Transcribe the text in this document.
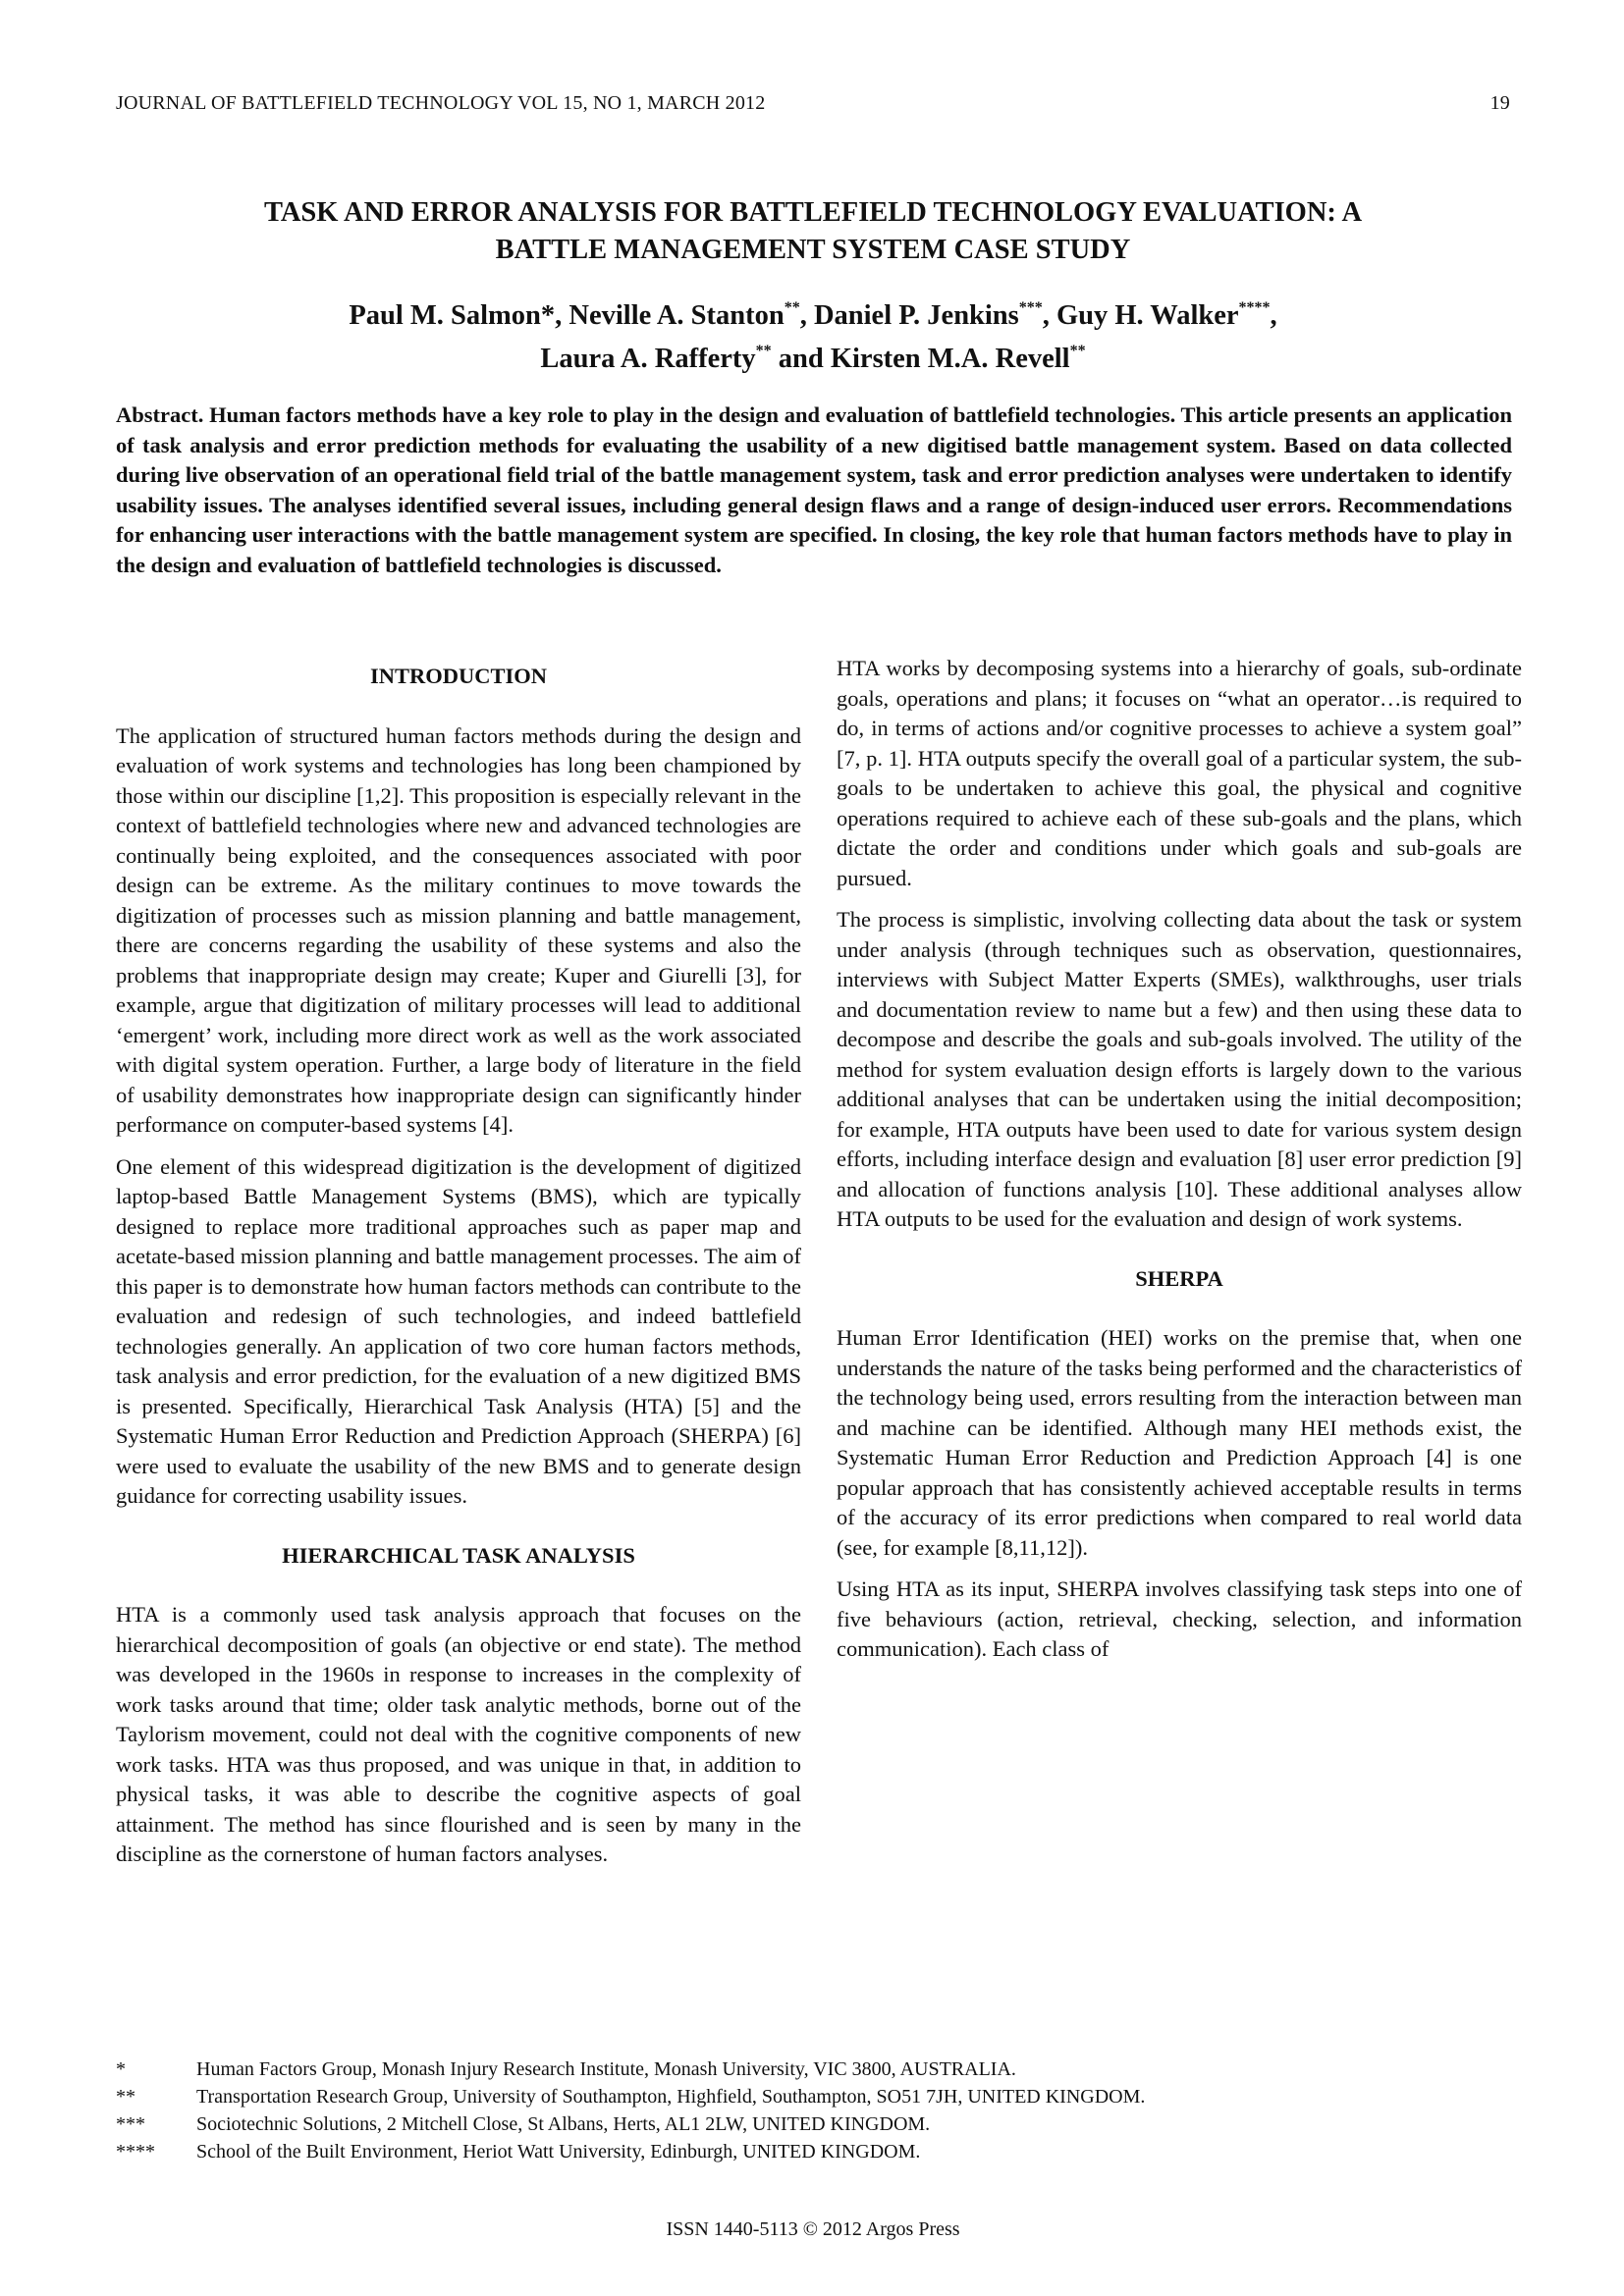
JOURNAL OF BATTLEFIELD TECHNOLOGY VOL 15, NO 1, MARCH 2012	19
TASK AND ERROR ANALYSIS FOR BATTLEFIELD TECHNOLOGY EVALUATION: A
BATTLE MANAGEMENT SYSTEM CASE STUDY
Paul M. Salmon*, Neville A. Stanton**, Daniel P. Jenkins***, Guy H. Walker****,
Laura A. Rafferty** and Kirsten M.A. Revell**
Abstract. Human factors methods have a key role to play in the design and evaluation of battlefield technologies. This article presents an application of task analysis and error prediction methods for evaluating the usability of a new digitised battle management system. Based on data collected during live observation of an operational field trial of the battle management system, task and error prediction analyses were undertaken to identify usability issues. The analyses identified several issues, including general design flaws and a range of design-induced user errors. Recommendations for enhancing user interactions with the battle management system are specified. In closing, the key role that human factors methods have to play in the design and evaluation of battlefield technologies is discussed.
INTRODUCTION

The application of structured human factors methods during the design and evaluation of work systems and technologies has long been championed by those within our discipline [1,2]. This proposition is especially relevant in the context of battlefield technologies where new and advanced technologies are continually being exploited, and the consequences associated with poor design can be extreme. As the military continues to move towards the digitization of processes such as mission planning and battle management, there are concerns regarding the usability of these systems and also the problems that inappropriate design may create; Kuper and Giurelli [3], for example, argue that digitization of military processes will lead to additional ‘emergent’ work, including more direct work as well as the work associated with digital system operation. Further, a large body of literature in the field of usability demonstrates how inappropriate design can significantly hinder performance on computer-based systems [4].

One element of this widespread digitization is the development of digitized laptop-based Battle Management Systems (BMS), which are typically designed to replace more traditional approaches such as paper map and acetate-based mission planning and battle management processes. The aim of this paper is to demonstrate how human factors methods can contribute to the evaluation and redesign of such technologies, and indeed battlefield technologies generally. An application of two core human factors methods, task analysis and error prediction, for the evaluation of a new digitized BMS is presented. Specifically, Hierarchical Task Analysis (HTA) [5] and the Systematic Human Error Reduction and Prediction Approach (SHERPA) [6] were used to evaluate the usability of the new BMS and to generate design guidance for correcting usability issues.

HIERARCHICAL TASK ANALYSIS

HTA is a commonly used task analysis approach that focuses on the hierarchical decomposition of goals (an objective or end state). The method was developed in the 1960s in response to increases in the complexity of work tasks around that time; older task analytic methods, borne out of the Taylorism movement, could not deal with the cognitive components of new work tasks. HTA was thus proposed, and was unique in that, in addition to physical tasks, it was able to describe the cognitive aspects of goal attainment. The method has since flourished and is seen by many in the discipline as the cornerstone of human factors analyses.

HTA works by decomposing systems into a hierarchy of goals, sub-ordinate goals, operations and plans; it focuses on “what an operator…is required to do, in terms of actions and/or cognitive processes to achieve a system goal” [7, p. 1]. HTA outputs specify the overall goal of a particular system, the sub-goals to be undertaken to achieve this goal, the physical and cognitive operations required to achieve each of these sub-goals and the plans, which dictate the order and conditions under which goals and sub-goals are pursued.

The process is simplistic, involving collecting data about the task or system under analysis (through techniques such as observation, questionnaires, interviews with Subject Matter Experts (SMEs), walkthroughs, user trials and documentation review to name but a few) and then using these data to decompose and describe the goals and sub-goals involved. The utility of the method for system evaluation design efforts is largely down to the various additional analyses that can be undertaken using the initial decomposition; for example, HTA outputs have been used to date for various system design efforts, including interface design and evaluation [8] user error prediction [9] and allocation of functions analysis [10]. These additional analyses allow HTA outputs to be used for the evaluation and design of work systems.

SHERPA

Human Error Identification (HEI) works on the premise that, when one understands the nature of the tasks being performed and the characteristics of the technology being used, errors resulting from the interaction between man and machine can be identified. Although many HEI methods exist, the Systematic Human Error Reduction and Prediction Approach [4] is one popular approach that has consistently achieved acceptable results in terms of the accuracy of its error predictions when compared to real world data (see, for example [8,11,12]).

Using HTA as its input, SHERPA involves classifying task steps into one of five behaviours (action, retrieval, checking, selection, and information communication). Each class of

*	Human Factors Group, Monash Injury Research Institute, Monash University, VIC 3800, AUSTRALIA.
**	Transportation Research Group, University of Southampton, Highfield, Southampton, SO51 7JH, UNITED KINGDOM.
***	Sociotechnic Solutions, 2 Mitchell Close, St Albans, Herts, AL1 2LW, UNITED KINGDOM.
**** School of the Built Environment, Heriot Watt University, Edinburgh, UNITED KINGDOM.
ISSN 1440-5113 © 2012 Argos Press
